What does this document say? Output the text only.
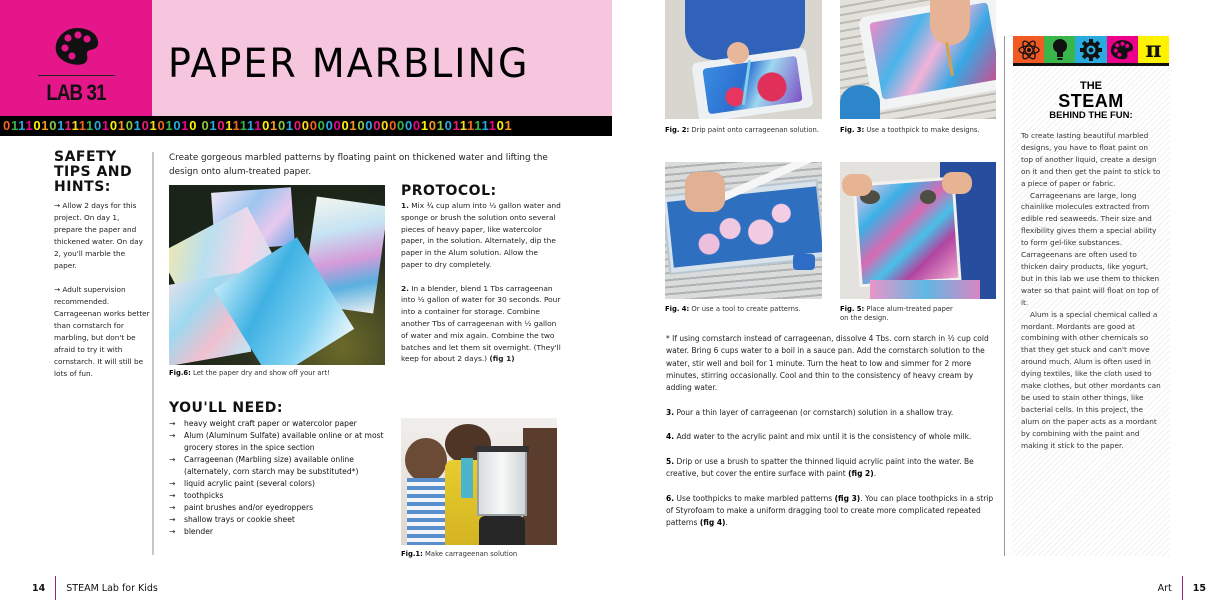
LAB 31
PAPER MARBLING
0111010111110101010101010 0101111101010000000100000000101011111101
SAFETY
TIPS AND
HINTS:

→ Allow 2 days for this project. On day 1, prepare the paper and thickened water. On day 2, you'll marble the paper.

→ Adult supervision recommended. Carrageenan works better than cornstarch for marbling, but don't be afraid to try it with cornstarch. It will still be lots of fun.

Create gorgeous marbled patterns by floating paint on thickened water and lifting the design onto alum-treated paper.
Fig.6: Let the paper dry and show off your art!
YOU'LL NEED:
→ heavy weight craft paper or watercolor paper
→ Alum (Aluminum Sulfate) available online or at most grocery stores in the spice section
→ Carrageenan (Marbling size) available online (alternately, corn starch may be substituted*)
→ liquid acrylic paint (several colors)
→ toothpicks
→ paint brushes and/or eyedroppers
→ shallow trays or cookie sheet
→ blender
PROTOCOL:

1. Mix ¾ cup alum into ½ gallon water and sponge or brush the solution onto several pieces of heavy paper, like watercolor paper, in the solution. Alternately, dip the paper in the Alum solution. Allow the paper to dry completely.

2. In a blender, blend 1 Tbs carrageenan into ½ gallon of water for 30 seconds. Pour into a container for storage. Combine another Tbs of carrageenan with ½ gallon of water and mix again. Combine the two batches and let them sit overnight. (They'll keep for about 2 days.) (fig 1)

Fig.1: Make carrageenan solution
14 STEAM Lab for Kids
Fig. 2: Drip paint onto carrageenan solution.	Fig. 3: Use a toothpick to make designs.
Fig. 4: Or use a tool to create patterns.	Fig. 5: Place alum-treated paper on the design.

* If using cornstarch instead of carrageenan, dissolve 4 Tbs. corn starch in ½ cup cold water. Bring 6 cups water to a boil in a sauce pan. Add the cornstarch solution to the water, stir well and boil for 1 minute. Turn the heat to low and simmer for 2 more minutes, stirring occasionally. Cool and thin to the consistency of heavy cream by adding water.

3. Pour a thin layer of carrageenan (or cornstarch) solution in a shallow tray.

4. Add water to the acrylic paint and mix until it is the consistency of whole milk.

5. Drip or use a brush to spatter the thinned liquid acrylic paint into the water. Be creative, but cover the entire surface with paint (fig 2).

6. Use toothpicks to make marbled patterns (fig 3). You can place toothpicks in a strip of Styrofoam to make a uniform dragging tool to create more complicated repeated patterns (fig 4).

π
THE
STEAM
BEHIND THE FUN:

To create lasting beautiful marbled designs, you have to float paint on top of another liquid, create a design on it and then get the paint to stick to a piece of paper or fabric.

Carrageenans are large, long chainlike molecules extracted from edible red seaweeds. Their size and flexibility gives them a special ability to form gel-like substances. Carrageenans are often used to thicken dairy products, like yogurt, but in this lab we use them to thicken water so that paint will float on top of it.

Alum is a special chemical called a mordant. Mordants are good at combining with other chemicals so that they get stuck and can't move around much. Alum is often used in dying textiles, like the cloth used to make clothes, but other mordants can be used to stain other things, like bacterial cells. In this project, the alum on the paper acts as a mordant by combining with the paint and making it stick to the paper.

Art 15
